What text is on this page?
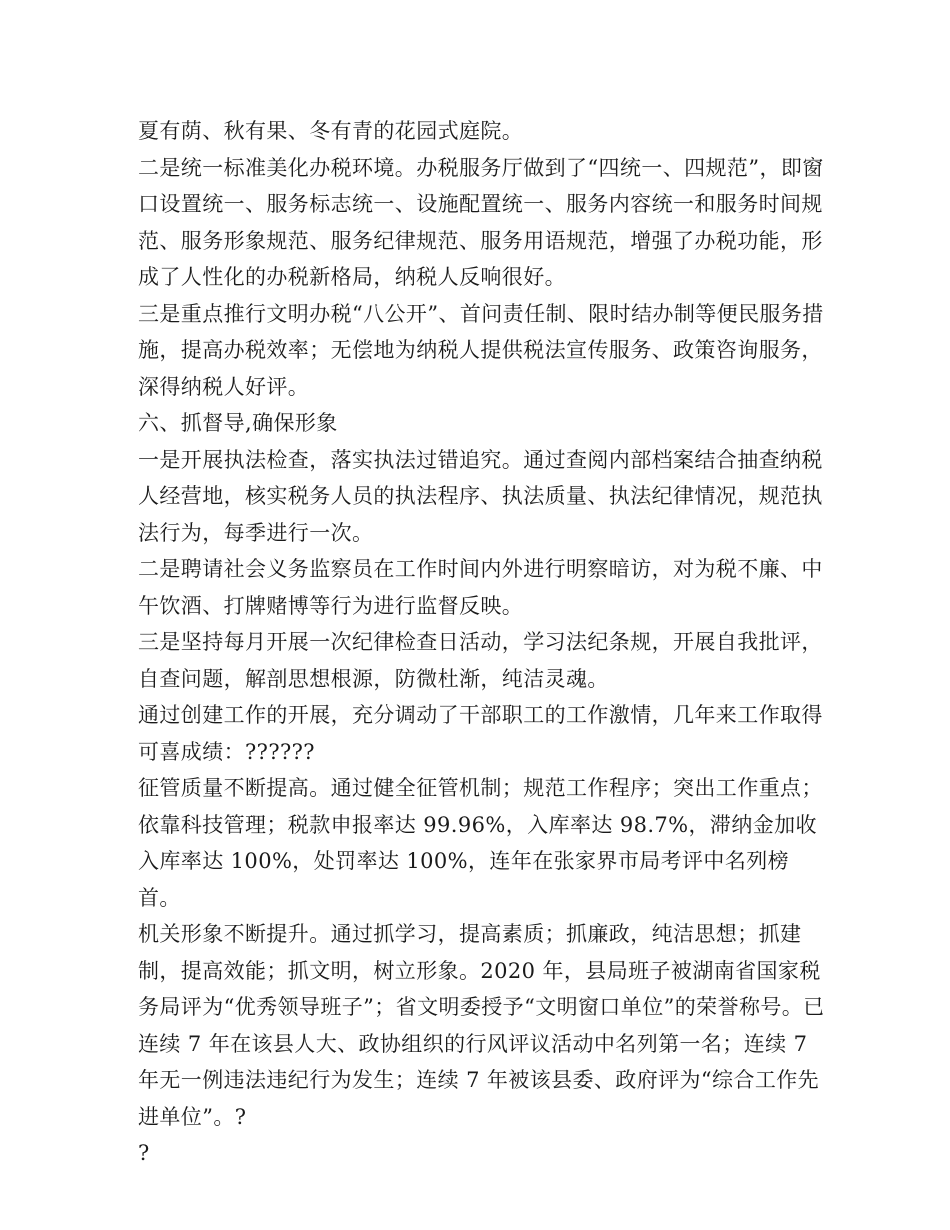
夏有荫、秋有果、冬有青的花园式庭院。

二是统一标准美化办税环境。办税服务厅做到了“四统一、四规范”，即窗口设置统一、服务标志统一、设施配置统一、服务内容统一和服务时间规范、服务形象规范、服务纪律规范、服务用语规范，增强了办税功能，形成了人性化的办税新格局，纳税人反响很好。

三是重点推行文明办税“八公开”、首问责任制、限时结办制等便民服务措施，提高办税效率；无偿地为纳税人提供税法宣传服务、政策咨询服务，深得纳税人好评。

六、抓督导,确保形象

一是开展执法检查，落实执法过错追究。通过查阅内部档案结合抽查纳税人经营地，核实税务人员的执法程序、执法质量、执法纪律情况，规范执法行为，每季进行一次。

二是聘请社会义务监察员在工作时间内外进行明察暗访，对为税不廉、中午饮酒、打牌赌博等行为进行监督反映。

三是坚持每月开展一次纪律检查日活动，学习法纪条规，开展自我批评，自查问题，解剖思想根源，防微杜渐，纯洁灵魂。

通过创建工作的开展，充分调动了干部职工的工作激情，几年来工作取得可喜成绩：??????

征管质量不断提高。通过健全征管机制；规范工作程序；突出工作重点；依靠科技管理；税款申报率达 99.96%，入库率达 98.7%，滞纳金加收入库率达 100%，处罚率达 100%，连年在张家界市局考评中名列榜首。

机关形象不断提升。通过抓学习，提高素质；抓廉政，纯洁思想；抓建制，提高效能；抓文明，树立形象。2020 年，县局班子被湖南省国家税务局评为“优秀领导班子”；省文明委授予“文明窗口单位”的荣誉称号。已连续 7 年在该县人大、政协组织的行风评议活动中名列第一名；连续 7 年无一例违法违纪行为发生；连续 7 年被该县委、政府评为“综合工作先进单位”。?

?
